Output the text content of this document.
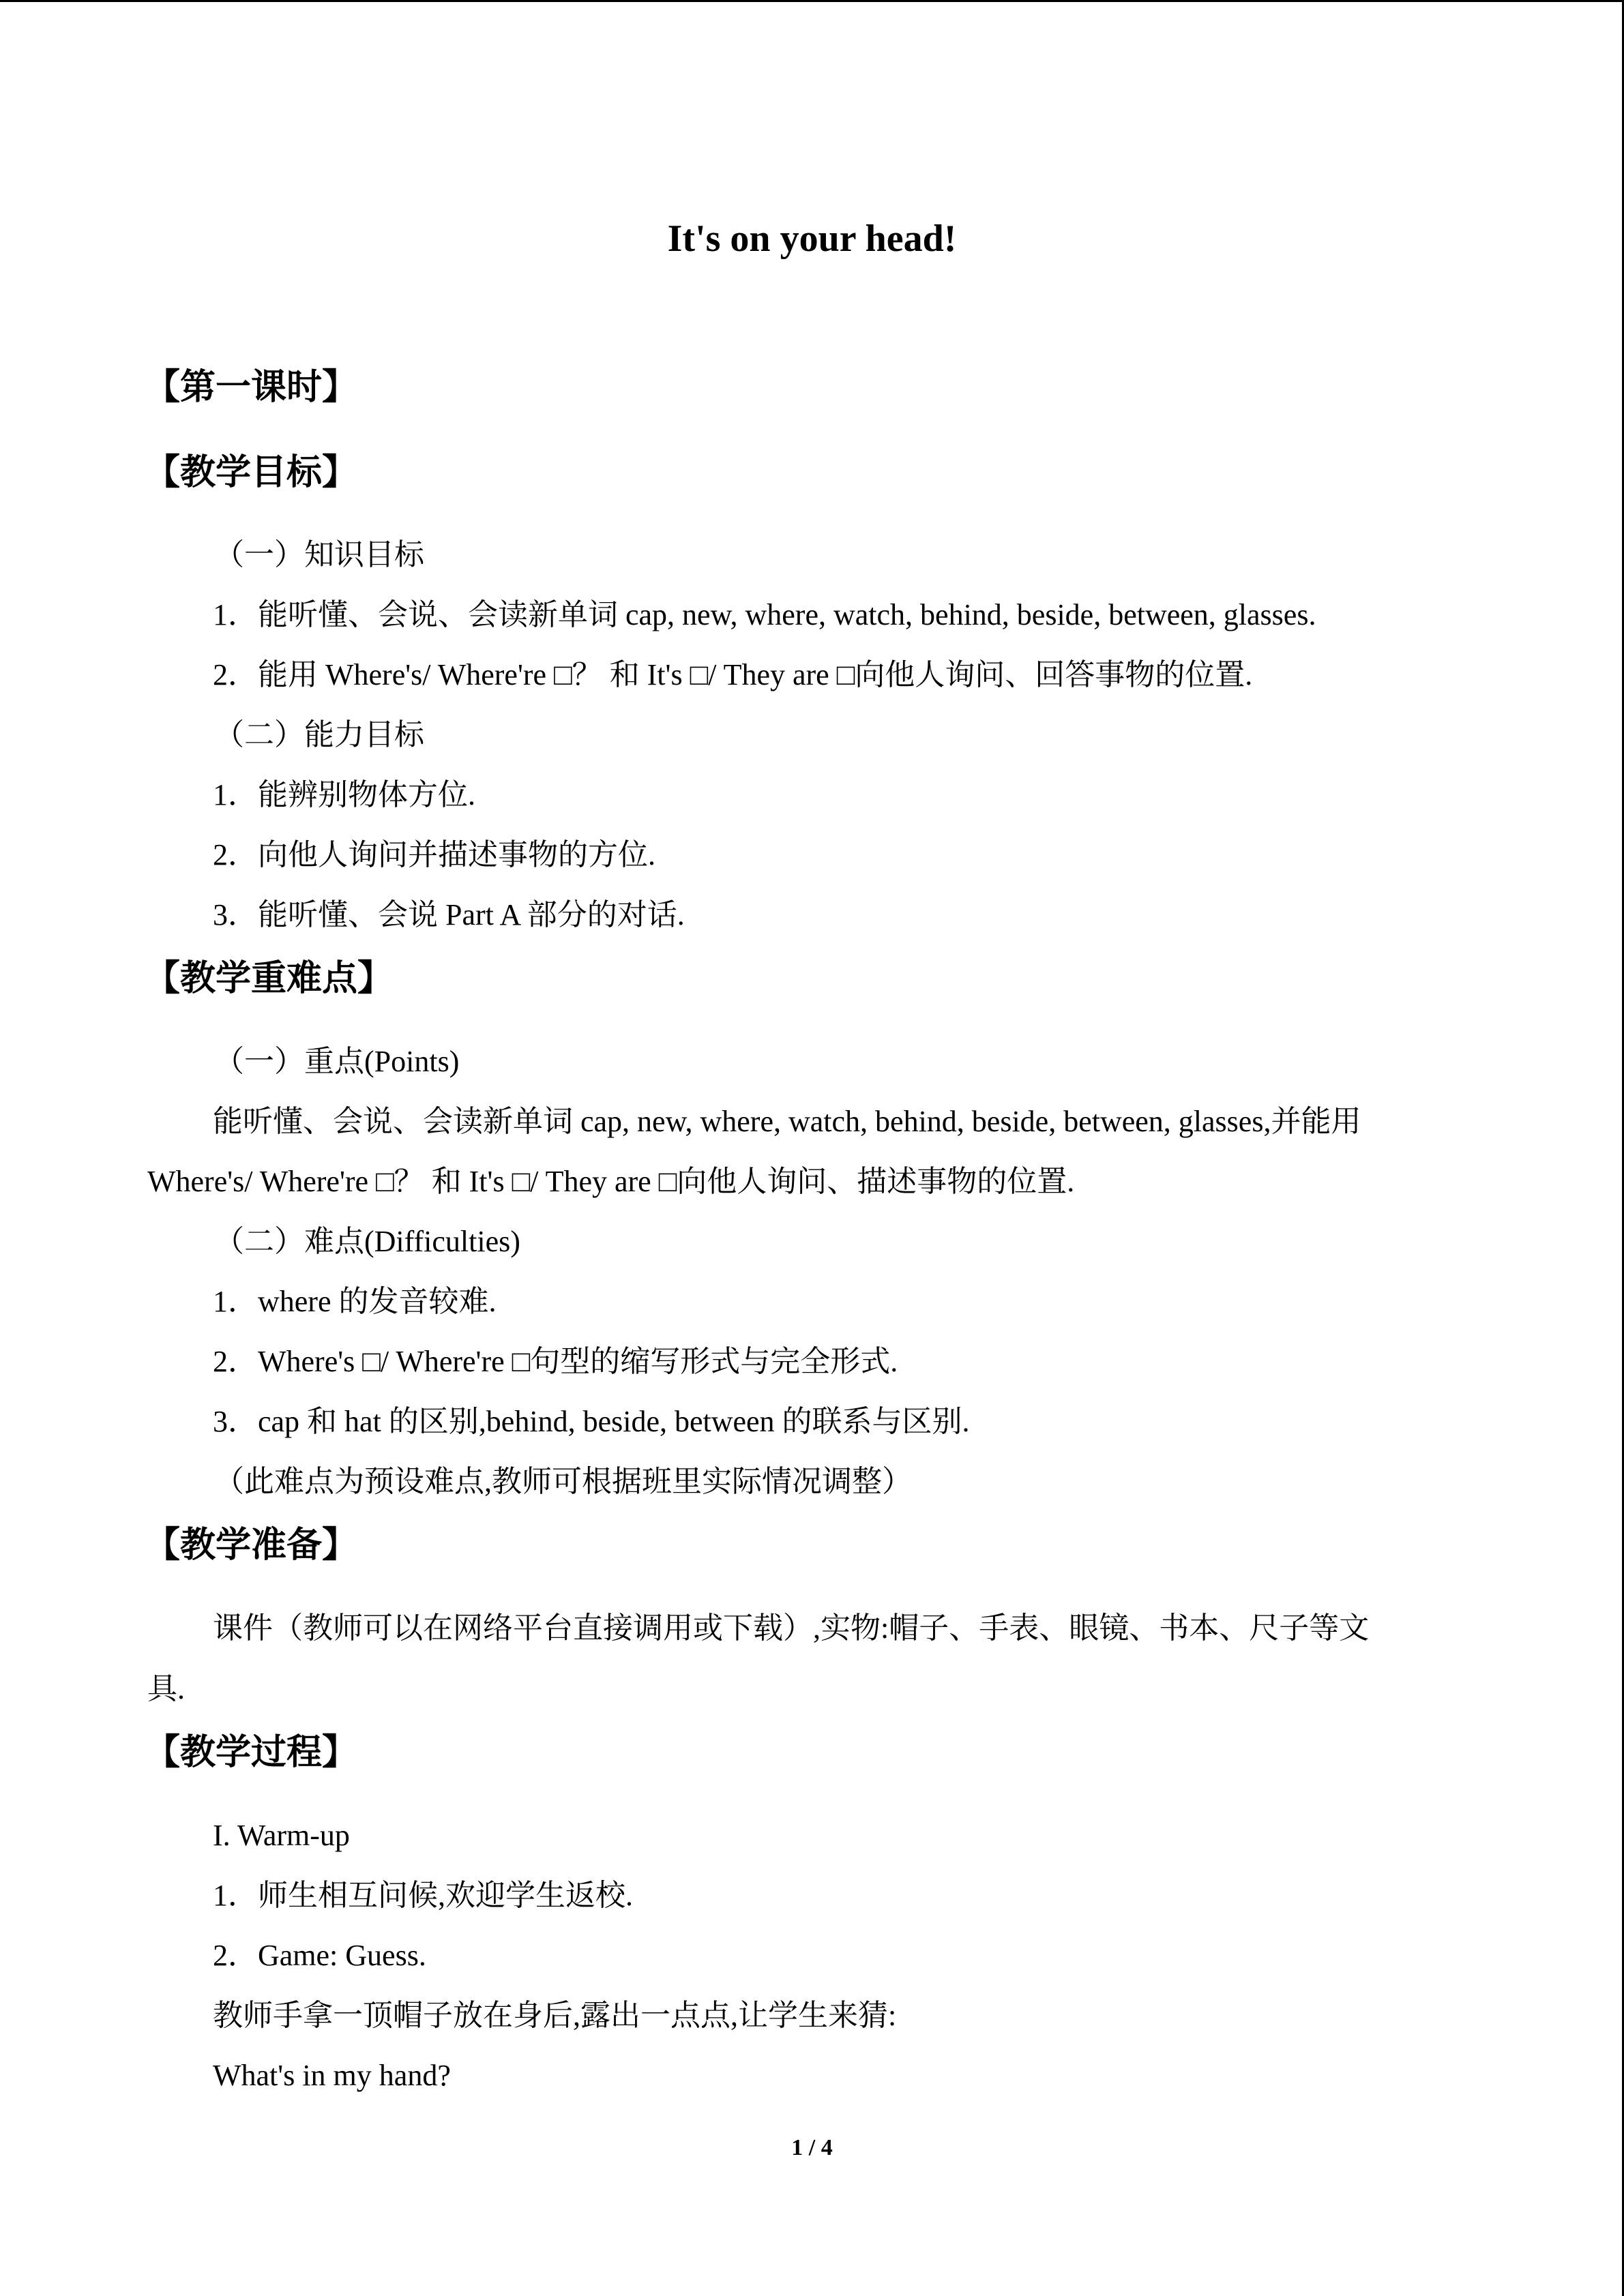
It's on your head!
【第一课时】
【教学目标】

（一）知识目标

1．能听懂、会说、会读新单词 cap, new, where, watch, behind, beside, between, glasses.

2．能用 Where's/ Where're □？ 和 It's □/ They are □向他人询问、回答事物的位置.

（二）能力目标

1．能辨别物体方位.

2．向他人询问并描述事物的方位.

3．能听懂、会说 Part A 部分的对话.

【教学重难点】

（一）重点(Points)

能听懂、会说、会读新单词 cap, new, where, watch, behind, beside, between, glasses,并能用

Where's/ Where're □？ 和 It's □/ They are □向他人询问、描述事物的位置.

（二）难点(Difficulties)

1．where 的发音较难.

2．Where's □/ Where're □句型的缩写形式与完全形式.

3．cap 和 hat 的区别,behind, beside, between 的联系与区别.

（此难点为预设难点,教师可根据班里实际情况调整）

【教学准备】

课件（教师可以在网络平台直接调用或下载）,实物:帽子、手表、眼镜、书本、尺子等文

具.

【教学过程】

I. Warm-up

1．师生相互问候,欢迎学生返校.

2．Game: Guess.

教师手拿一顶帽子放在身后,露出一点点,让学生来猜:

What's in my hand?

1 / 4
